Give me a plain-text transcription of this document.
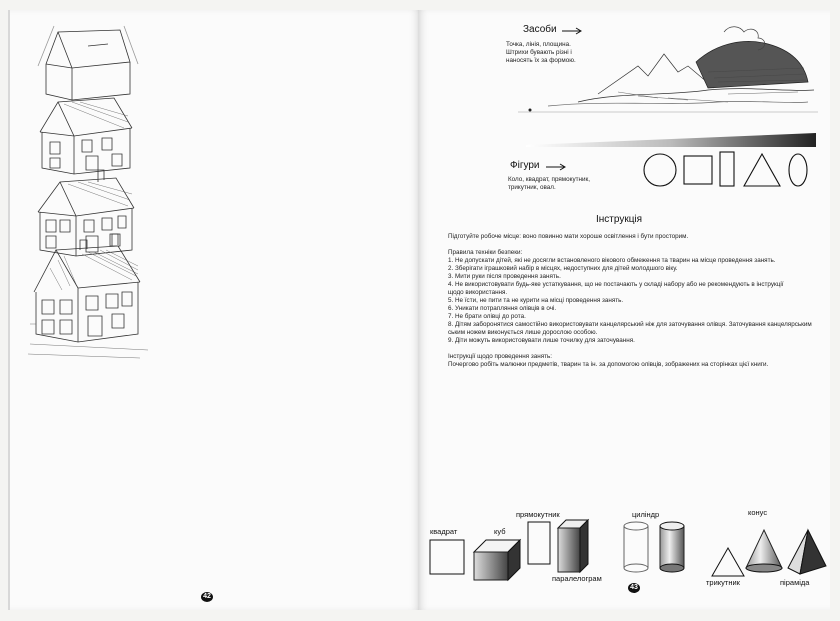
42
Засоби
Точка, лінія, площина.
Штрихи бувають різні і
наносять їх за формою.
Фігури
Коло, квадрат, прямокутник,
трикутник, овал.
Інструкція
Підготуйте робоче місце: воно повинно мати хороше освітлення і бути просторим.
Правила техніки безпеки:
1. Не допускати дітей, які не досягли встановленого вікового обмеження та тварин на місце проведення занять.
2. Зберігати іграшковий набір в місцях, недоступних для дітей молодшого віку.
3. Мити руки після проведення занять.
4. Не використовувати будь-яке устаткування, що не постачають у складі набору або не рекомендують в інструкції
щодо використання.
5. Не їсти, не пити та не курити на місці проведення занять.
6. Уникати потрапляння олівців в очі.
7. Не брати олівці до рота.
8. Дітям заборонятися самостійно використовувати канцелярський ніж для заточування олівця. Заточування канцелярським
ським ножем виконується лише дорослою особою.
9. Діти можуть використовувати лише точилку для заточування.
Інструкції щодо проведення занять:
Почергово робіть малюнки предметів, тварин та ін. за допомогою олівців, зображених на сторінках цієї книги.
квадрат	куб
прямокутник
паралелограм
циліндр
трикутник
конус
піраміда
43
